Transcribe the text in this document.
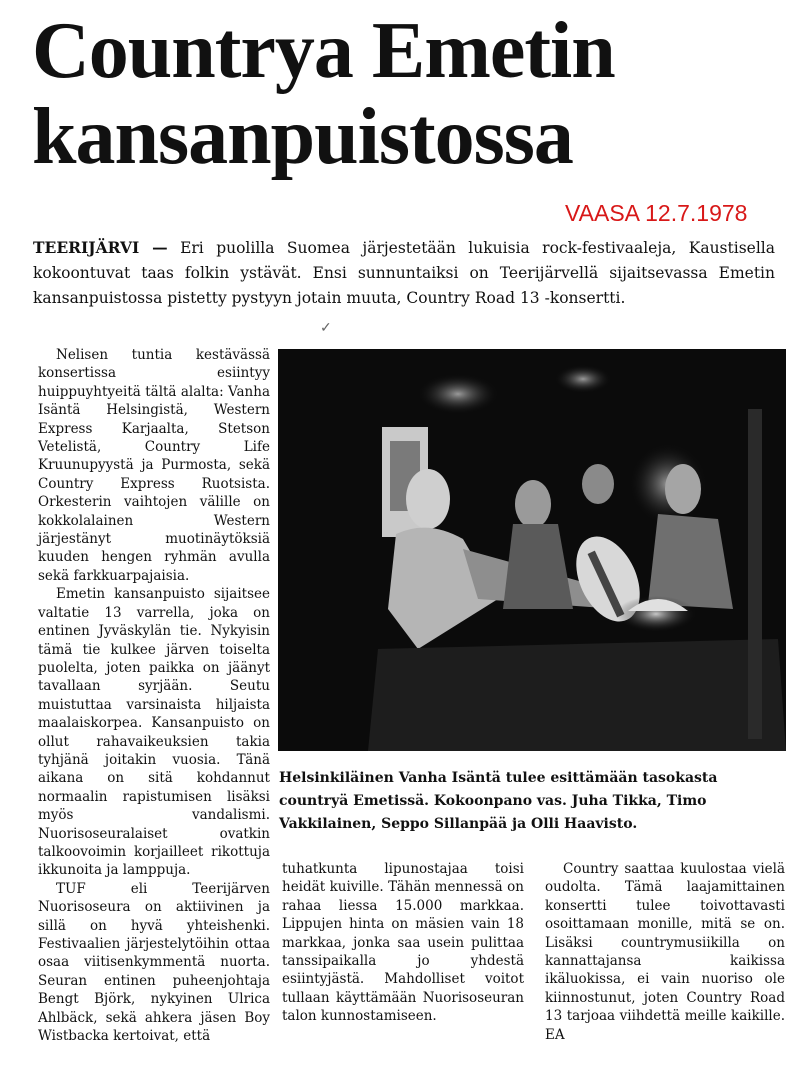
Countrya Emetin
kansanpuistossa
VAASA 12.7.1978

TEERIJÄRVI — Eri puolilla Suomea järjestetään lukuisia rock-festivaaleja, Kaustisella kokoontuvat taas folkin ystävät. Ensi sunnuntaiksi on Teerijärvellä sijaitsevassa Emetin kansanpuistossa pistetty pystyyn jotain muuta, Country Road 13 -konsertti.

✓

Nelisen tuntia kestävässä konsertissa esiintyy huippuyhtyeitä tältä alalta: Vanha Isäntä Helsingistä, Western Express Karjaalta, Stetson Vetelistä, Country Life Kruunupyystä ja Purmosta, sekä Country Express Ruotsista. Orkesterin vaihtojen välille on kokkolalainen Western järjestänyt muotinäytöksiä kuuden hengen ryhmän avulla sekä farkkuarpajaisia.

Emetin kansanpuisto sijaitsee valtatie 13 varrella, joka on entinen Jyväskylän tie. Nykyisin tämä tie kulkee järven toiselta puolelta, joten paikka on jäänyt tavallaan syrjään. Seutu muistuttaa varsinaista hiljaista maalaiskorpea. Kansanpuisto on ollut rahavaikeuksien takia tyhjänä joitakin vuosia. Tänä aikana on sitä kohdannut normaalin rapistumisen lisäksi myös vandalismi. Nuorisoseuralaiset ovatkin talkoovoimin korjailleet rikottuja ikkunoita ja lamppuja.

TUF eli Teerijärven Nuorisoseura on aktiivinen ja sillä on hyvä yhteishenki. Festivaalien järjestelytöihin ottaa osaa viitisenkymmentä nuorta. Seuran entinen puheenjohtaja Bengt Björk, nykyinen Ulrica Ahlbäck, sekä ahkera jäsen Boy Wistbacka kertoivat, että

Helsinkiläinen Vanha Isäntä tulee esittämään tasokasta countryä Emetissä. Kokoonpano vas. Juha Tikka, Timo Vakkilainen, Seppo Sillanpää ja Olli Haavisto.

tuhatkunta lipunostajaa toisi heidät kuiville. Tähän mennessä on rahaa liessa 15.000 markkaa. Lippujen hinta on mäsien vain 18 markkaa, jonka saa usein pulittaa tanssipaikalla jo yhdestä esiintyjästä. Mahdolliset voitot tullaan käyttämään Nuorisoseuran talon kunnostamiseen.

Country saattaa kuulostaa vielä oudolta. Tämä laajamittainen konsertti tulee toivottavasti osoittamaan monille, mitä se on. Lisäksi countrymusiikilla on kannattajansa kaikissa ikäluokissa, ei vain nuoriso ole kiinnostunut, joten Country Road 13 tarjoaa viihdettä meille kaikille. EA
